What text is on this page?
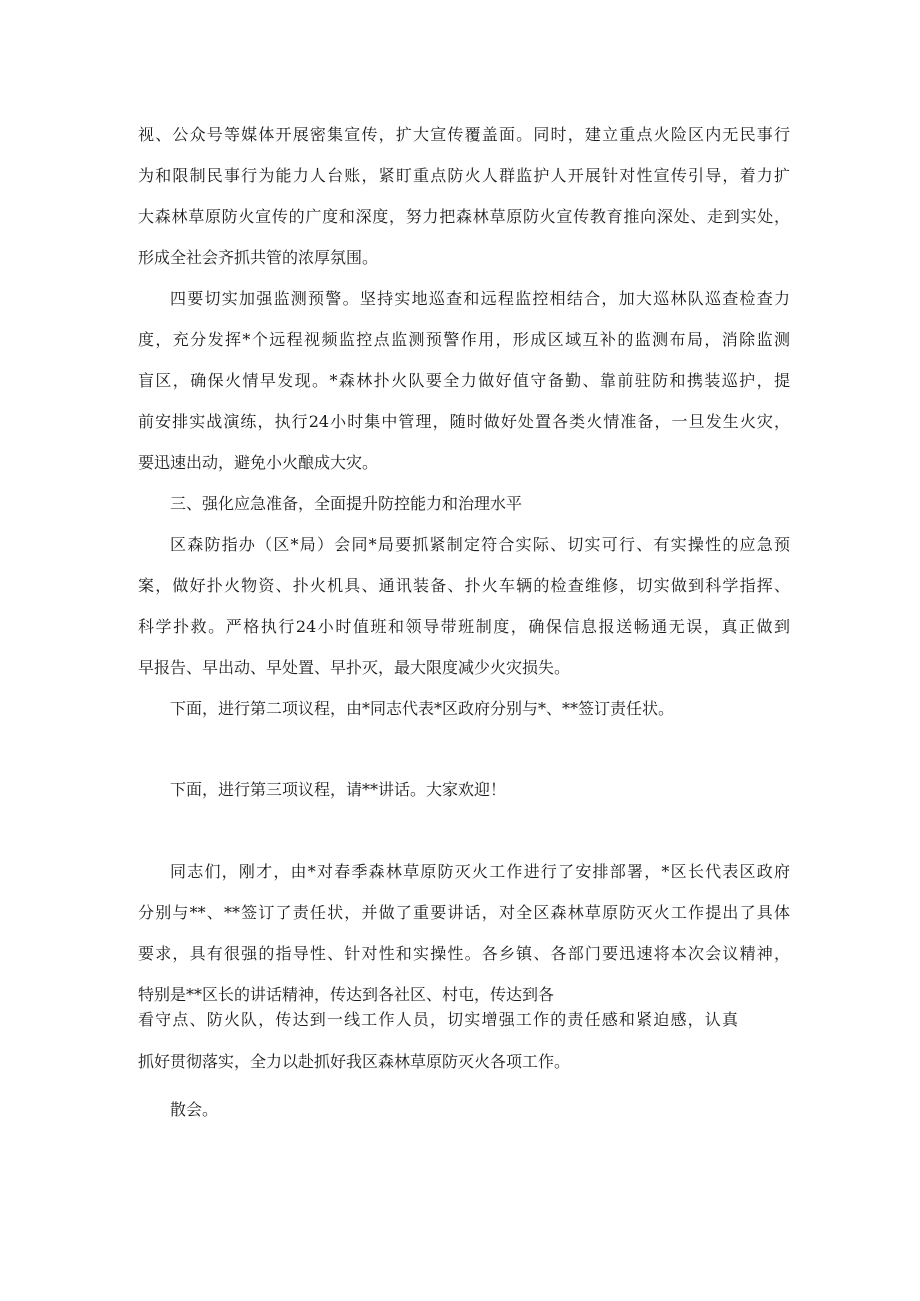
视、公众号等媒体开展密集宣传，扩大宣传覆盖面。同时，建立重点火险区内无民事行
为和限制民事行为能力人台账，紧盯重点防火人群监护人开展针对性宣传引导，着力扩
大森林草原防火宣传的广度和深度，努力把森林草原防火宣传教育推向深处、走到实处，
形成全社会齐抓共管的浓厚氛围。
四要切实加强监测预警。坚持实地巡查和远程监控相结合，加大巡林队巡查检查力
度，充分发挥*个远程视频监控点监测预警作用，形成区域互补的监测布局，消除监测
盲区，确保火情早发现。*森林扑火队要全力做好值守备勤、靠前驻防和携装巡护，提
前安排实战演练，执行24小时集中管理，随时做好处置各类火情准备，一旦发生火灾，
要迅速出动，避免小火酿成大灾。
三、强化应急准备，全面提升防控能力和治理水平
区森防指办（区*局）会同*局要抓紧制定符合实际、切实可行、有实操性的应急预
案，做好扑火物资、扑火机具、通讯装备、扑火车辆的检查维修，切实做到科学指挥、
科学扑救。严格执行24小时值班和领导带班制度，确保信息报送畅通无误，真正做到
早报告、早出动、早处置、早扑灭，最大限度减少火灾损失。
下面，进行第二项议程，由*同志代表*区政府分别与*、**签订责任状。
下面，进行第三项议程，请**讲话。大家欢迎！
同志们，刚才，由*对春季森林草原防灭火工作进行了安排部署，*区长代表区政府
分别与**、**签订了责任状，并做了重要讲话，对全区森林草原防灭火工作提出了具体
要求，具有很强的指导性、针对性和实操性。各乡镇、各部门要迅速将本次会议精神，
特别是**区长的讲话精神，传达到各社区、村屯，传达到各
看守点、防火队，传达到一线工作人员，切实增强工作的责任感和紧迫感，认真
抓好贯彻落实，全力以赴抓好我区森林草原防灭火各项工作。
散会。
